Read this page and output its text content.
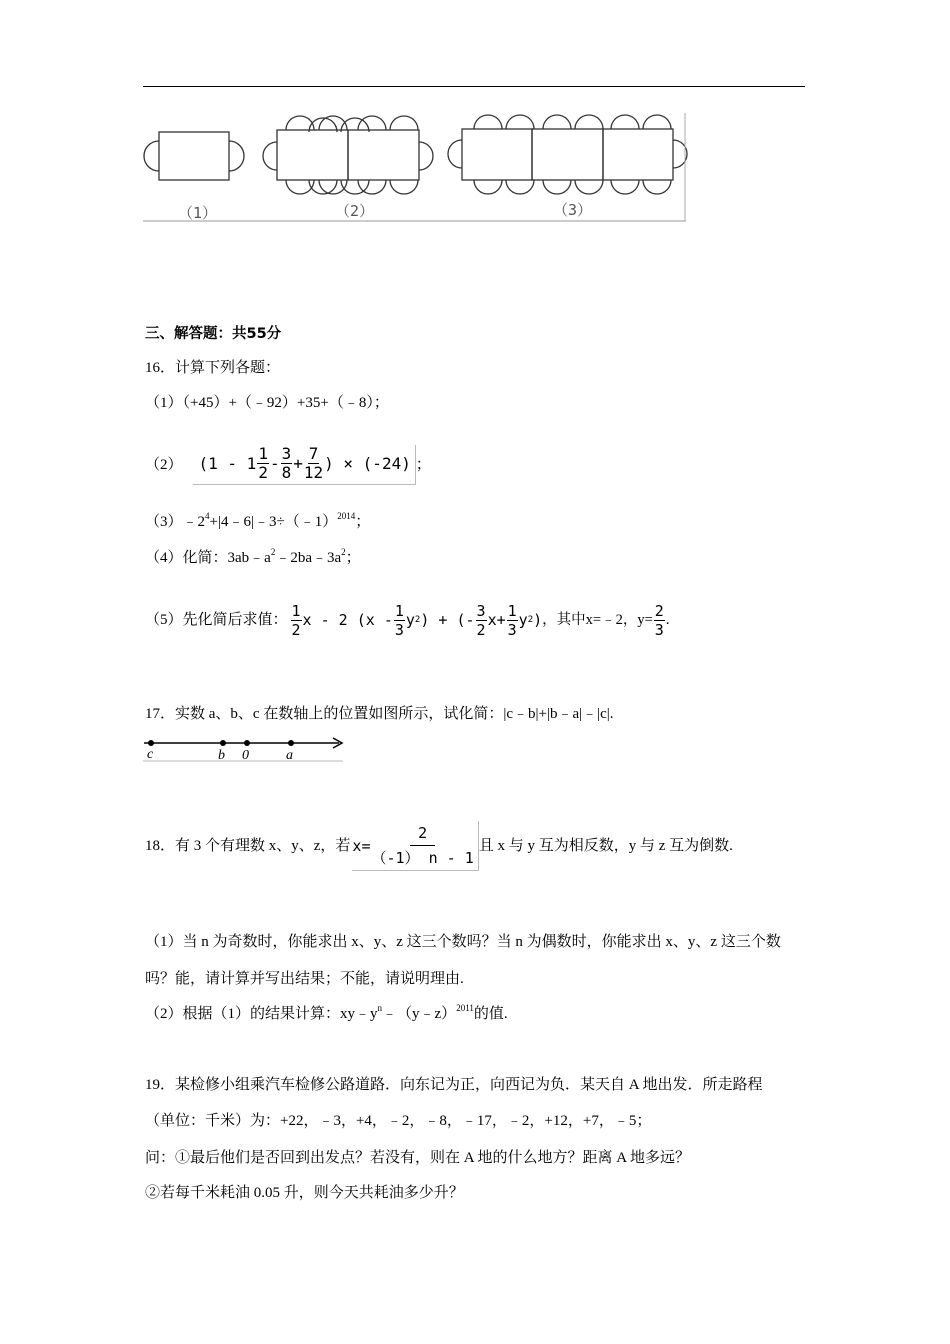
（1）	（2）	（3）
三、解答题：共55分
16．计算下列各题：
（1）（+45）+（﹣92）+35+（﹣8）；
（2） ($1 - 1 \frac{1}{2} - \frac{3}{8} + \frac{7}{12}$ ) × (-24) ；
$(3)﹣2^4+|4﹣6|﹣3\div(﹣1)^{2014}$；
（4）化简：$3ab﹣a^2﹣2ba﹣3a^2$；
（5）先化简后求值： $\frac{1}{2}$ x - 2 ($x - \frac{1}{3}$ y 2 ) + (- $\frac{3}{2} x+ \frac{1}{3}$ y 2 ) ，其中x=﹣2，$y= \frac{2}{3}$ .
17．实数 a、b、c 在数轴上的位置如图所示，试化简：|c﹣b|+|b﹣a|﹣|c|.
c	b 0	a
18．有 3 个有理数 x、y、z，若 $x= \frac{2}{(-1) n - 1}$ 且 x 与 y 互为相反数，y 与 z 互为倒数.
（1）当 n 为奇数时，你能求出 x、y、z 这三个数吗？当 n 为偶数时，你能求出 x、y、z 这三个数
吗？能，请计算并写出结果；不能，请说明理由.
（2）根据（1）的结果计算：$xy﹣y^n﹣(y﹣z)^{2011}$的值.
19．某检修小组乘汽车检修公路道路．向东记为正，向西记为负．某天自 A 地出发．所走路程
（单位：千米）为：+22，﹣3，+4，﹣2，﹣8，﹣17，﹣2，+12，+7，﹣5；
问：①最后他们是否回到出发点？若没有，则在 A 地的什么地方？距离 A 地多远？
②若每千米耗油 0.05 升，则今天共耗油多少升？
